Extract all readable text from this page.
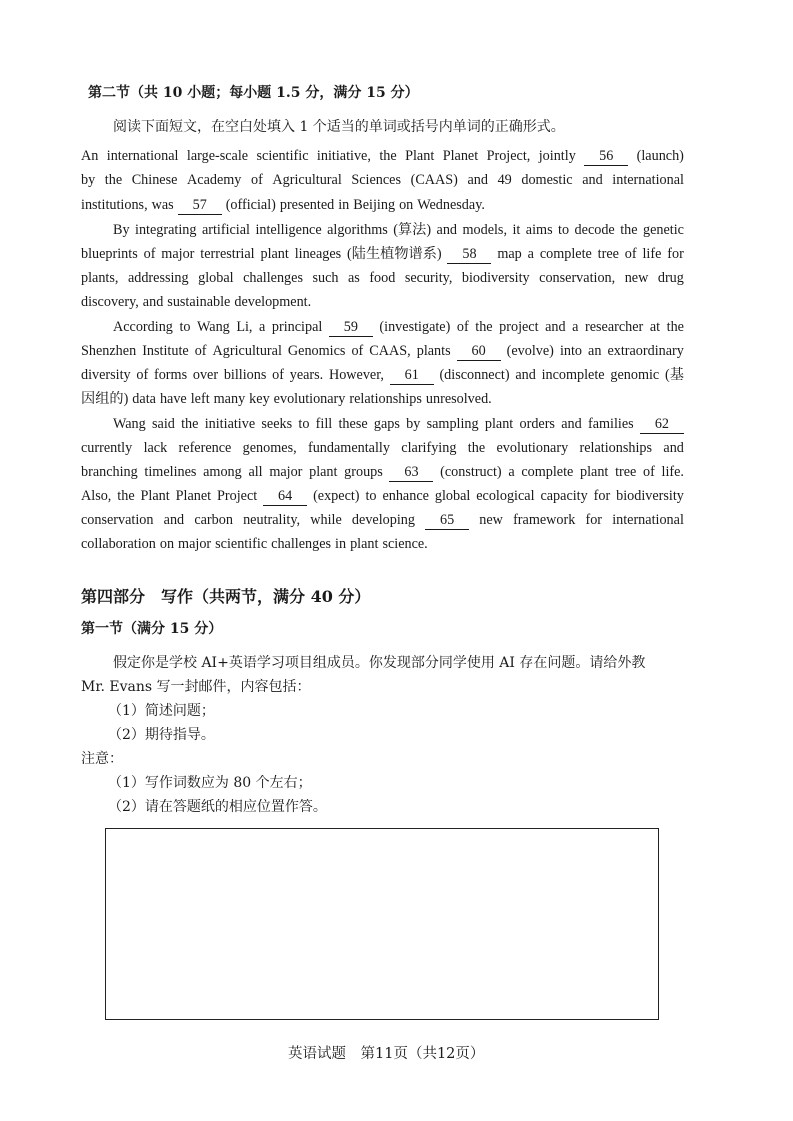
第二节（共 10 小题；每小题 1.5 分，满分 15 分）
阅读下面短文，在空白处填入 1 个适当的单词或括号内单词的正确形式。
An international large-scale scientific initiative, the Plant Planet Project, jointly	56	(launch)
by the Chinese Academy of Agricultural Sciences (CAAS) and 49 domestic and international
institutions, was	57	(official) presented in Beijing on Wednesday.
By integrating artificial intelligence algorithms (算法) and models, it aims to decode the genetic
blueprints of major terrestrial plant lineages (陆生植物谱系)	58	map a complete tree of life for
plants, addressing global challenges such as food security, biodiversity conservation, new drug
discovery, and sustainable development.
According to Wang Li, a principal	59	(investigate) of the project and a researcher at the
Shenzhen Institute of Agricultural Genomics of CAAS, plants	60	(evolve) into an extraordinary
diversity of forms over billions of years. However,	61	(disconnect) and incomplete genomic (基
因组的) data have left many key evolutionary relationships unresolved.
Wang said the initiative seeks to fill these gaps by sampling plant orders and families	62
currently lack reference genomes, fundamentally clarifying the evolutionary relationships and
branching timelines among all major plant groups	63	(construct) a complete plant tree of life.
Also, the Plant Planet Project	64	(expect) to enhance global ecological capacity for biodiversity
conservation and carbon neutrality, while developing	65	new framework for international
collaboration on major scientific challenges in plant science.
第四部分　写作（共两节，满分 40 分）
第一节（满分 15 分）
假定你是学校 AI+英语学习项目组成员。你发现部分同学使用 AI 存在问题。请给外教
Mr. Evans 写一封邮件，内容包括：
（1）简述问题；
（2）期待指导。
注意：
（1）写作词数应为 80 个左右；
（2）请在答题纸的相应位置作答。
英语试题　第11页（共12页）
